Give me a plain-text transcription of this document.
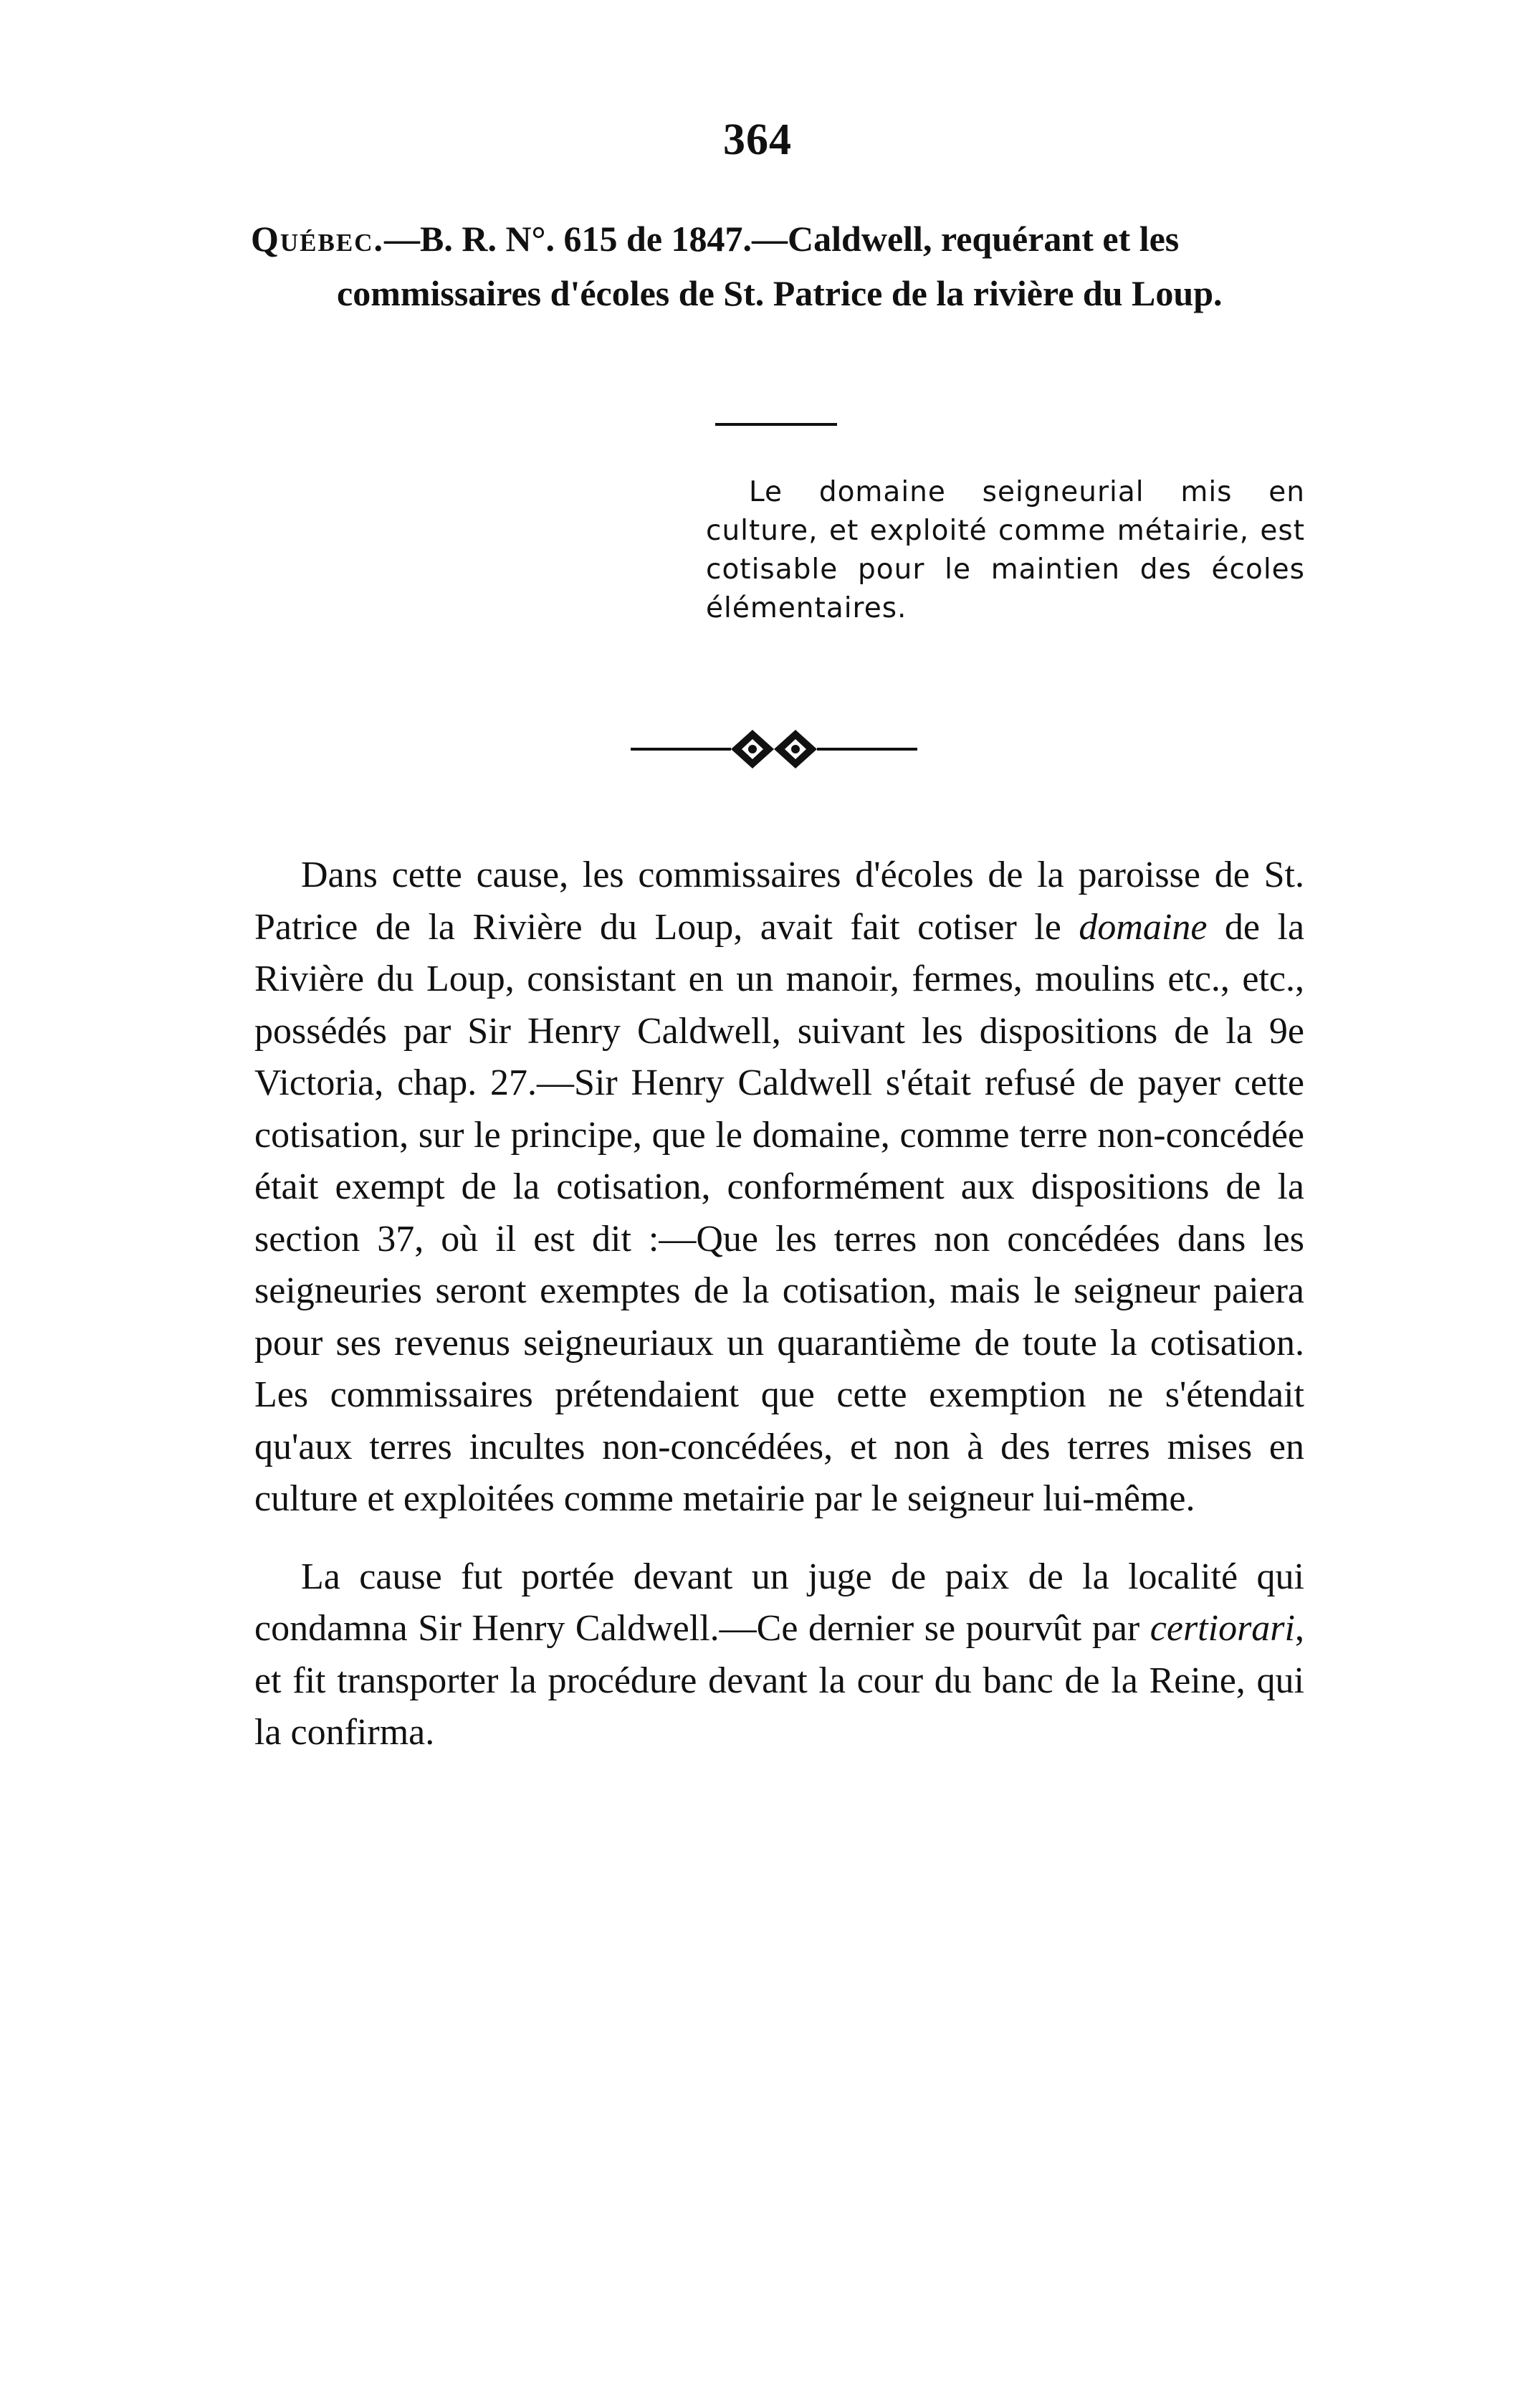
364
Québec.—B. R. N°. 615 de 1847.—Caldwell, requérant et les commissaires d'écoles de St. Patrice de la rivière du Loup.
Le domaine seigneurial mis en culture, et exploité comme métairie, est cotisable pour le maintien des écoles élémentaires.

Dans cette cause, les commissaires d'écoles de la paroisse de St. Patrice de la Rivière du Loup, avait fait cotiser le domaine de la Rivière du Loup, consistant en un manoir, fermes, moulins etc., etc., possédés par Sir Henry Caldwell, suivant les dispositions de la 9e Victoria, chap. 27.—Sir Henry Caldwell s'était refusé de payer cette cotisation, sur le principe, que le domaine, comme terre non-concédée était exempt de la cotisation, conformément aux dispositions de la section 37, où il est dit :—Que les terres non concédées dans les seigneuries seront exemptes de la cotisation, mais le seigneur paiera pour ses revenus seigneuriaux un quarantième de toute la cotisation. Les commissaires prétendaient que cette exemption ne s'étendait qu'aux terres incultes non-concédées, et non à des terres mises en culture et exploitées comme metairie par le seigneur lui-même.

La cause fut portée devant un juge de paix de la localité qui condamna Sir Henry Caldwell.—Ce dernier se pourvût par certiorari, et fit transporter la procédure devant la cour du banc de la Reine, qui la confirma.
